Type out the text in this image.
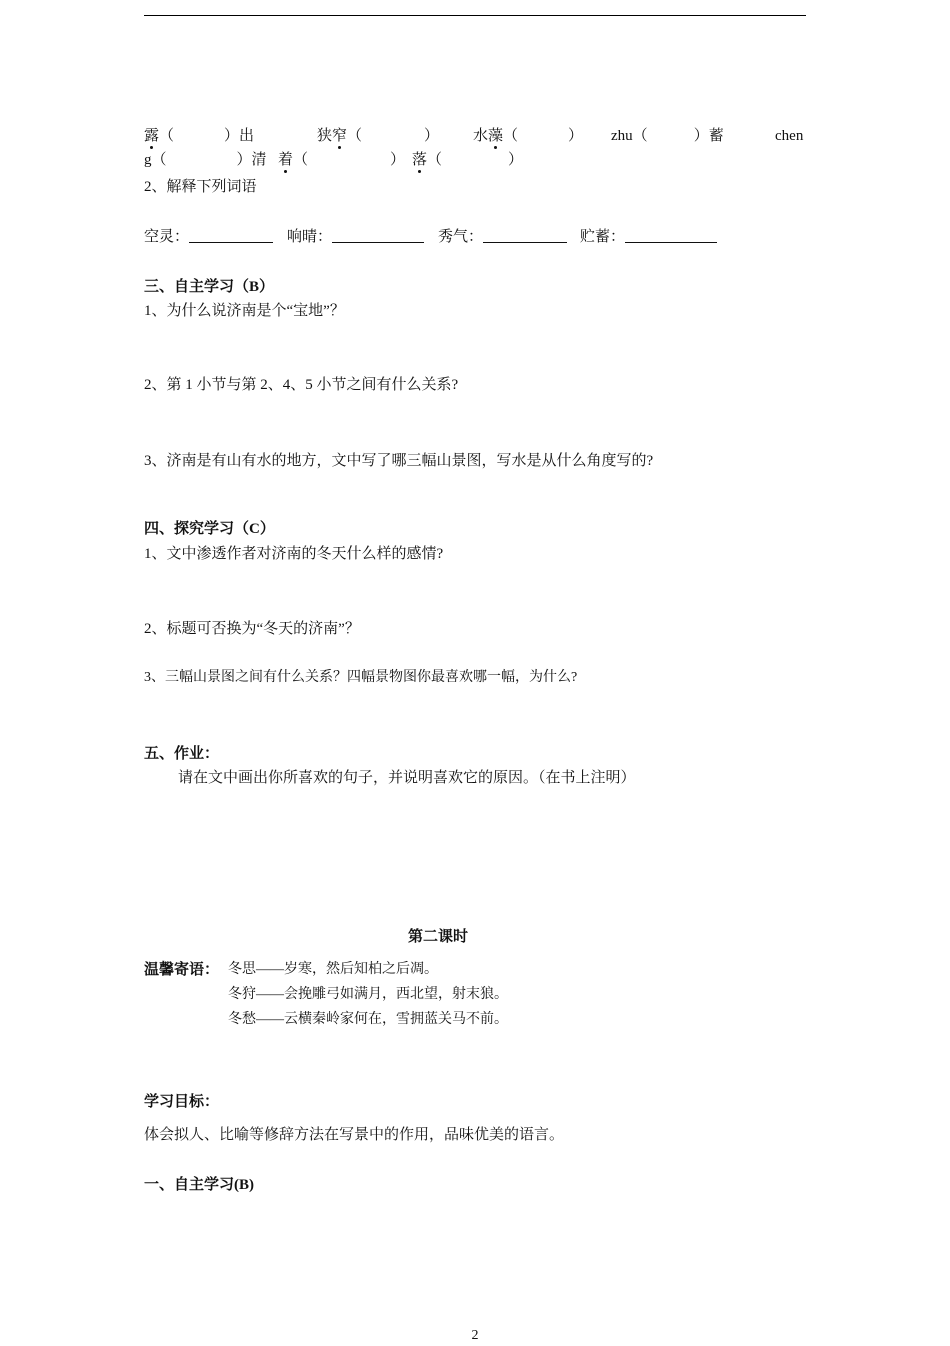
露（	）出	狭窄（	） 水藻（	） zhu（	）蓄	chen
g（	）清 着（	） 落（	）
2、解释下列词语
空灵：	响晴：	秀气：	贮蓄：
三、自主学习（B）
1、为什么说济南是个“宝地”？
2、第 1 小节与第 2、4、5 小节之间有什么关系?
3、济南是有山有水的地方，文中写了哪三幅山景图，写水是从什么角度写的?
四、探究学习（C）
1、文中渗透作者对济南的冬天什么样的感情?
2、标题可否换为“冬天的济南”？
3、三幅山景图之间有什么关系？四幅景物图你最喜欢哪一幅，为什么?
五、作业：
请在文中画出你所喜欢的句子，并说明喜欢它的原因。（在书上注明）
第二课时
温馨寄语： 冬思——岁寒，然后知柏之后凋。
冬狩——会挽雕弓如满月，西北望，射末狼。
冬愁——云横秦岭家何在，雪拥蓝关马不前。
学习目标：
体会拟人、比喻等修辞方法在写景中的作用，品味优美的语言。
一、自主学习(B)
2
